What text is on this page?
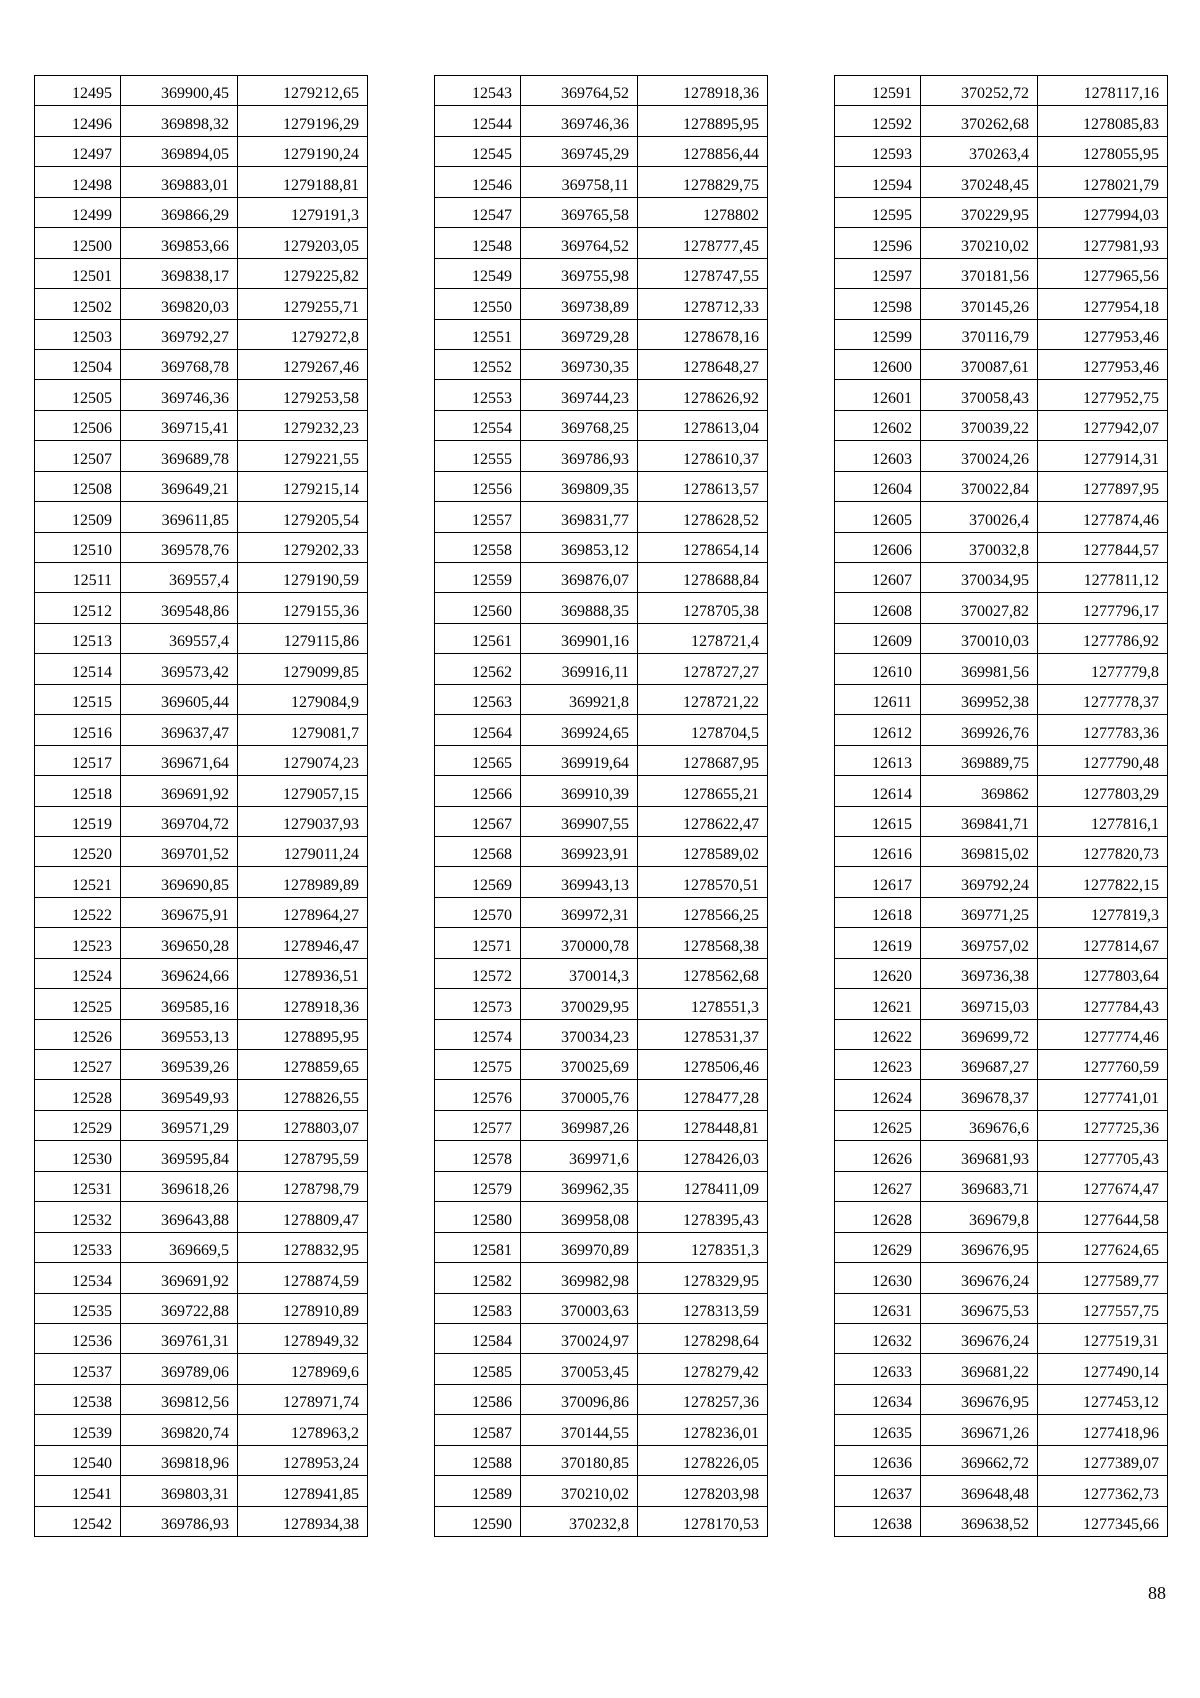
12495	369900,45	1279212,65
12496	369898,32	1279196,29
12497	369894,05	1279190,24
12498	369883,01	1279188,81
12499	369866,29	1279191,3
12500	369853,66	1279203,05
12501	369838,17	1279225,82
12502	369820,03	1279255,71
12503	369792,27	1279272,8
12504	369768,78	1279267,46
12505	369746,36	1279253,58
12506	369715,41	1279232,23
12507	369689,78	1279221,55
12508	369649,21	1279215,14
12509	369611,85	1279205,54
12510	369578,76	1279202,33
12511	369557,4	1279190,59
12512	369548,86	1279155,36
12513	369557,4	1279115,86
12514	369573,42	1279099,85
12515	369605,44	1279084,9
12516	369637,47	1279081,7
12517	369671,64	1279074,23
12518	369691,92	1279057,15
12519	369704,72	1279037,93
12520	369701,52	1279011,24
12521	369690,85	1278989,89
12522	369675,91	1278964,27
12523	369650,28	1278946,47
12524	369624,66	1278936,51
12525	369585,16	1278918,36
12526	369553,13	1278895,95
12527	369539,26	1278859,65
12528	369549,93	1278826,55
12529	369571,29	1278803,07
12530	369595,84	1278795,59
12531	369618,26	1278798,79
12532	369643,88	1278809,47
12533	369669,5	1278832,95
12534	369691,92	1278874,59
12535	369722,88	1278910,89
12536	369761,31	1278949,32
12537	369789,06	1278969,6
12538	369812,56	1278971,74
12539	369820,74	1278963,2
12540	369818,96	1278953,24
12541	369803,31	1278941,85
12542	369786,93	1278934,38
12543	369764,52	1278918,36
12544	369746,36	1278895,95
12545	369745,29	1278856,44
12546	369758,11	1278829,75
12547	369765,58	1278802
12548	369764,52	1278777,45
12549	369755,98	1278747,55
12550	369738,89	1278712,33
12551	369729,28	1278678,16
12552	369730,35	1278648,27
12553	369744,23	1278626,92
12554	369768,25	1278613,04
12555	369786,93	1278610,37
12556	369809,35	1278613,57
12557	369831,77	1278628,52
12558	369853,12	1278654,14
12559	369876,07	1278688,84
12560	369888,35	1278705,38
12561	369901,16	1278721,4
12562	369916,11	1278727,27
12563	369921,8	1278721,22
12564	369924,65	1278704,5
12565	369919,64	1278687,95
12566	369910,39	1278655,21
12567	369907,55	1278622,47
12568	369923,91	1278589,02
12569	369943,13	1278570,51
12570	369972,31	1278566,25
12571	370000,78	1278568,38
12572	370014,3	1278562,68
12573	370029,95	1278551,3
12574	370034,23	1278531,37
12575	370025,69	1278506,46
12576	370005,76	1278477,28
12577	369987,26	1278448,81
12578	369971,6	1278426,03
12579	369962,35	1278411,09
12580	369958,08	1278395,43
12581	369970,89	1278351,3
12582	369982,98	1278329,95
12583	370003,63	1278313,59
12584	370024,97	1278298,64
12585	370053,45	1278279,42
12586	370096,86	1278257,36
12587	370144,55	1278236,01
12588	370180,85	1278226,05
12589	370210,02	1278203,98
12590	370232,8	1278170,53
12591	370252,72	1278117,16
12592	370262,68	1278085,83
12593	370263,4	1278055,95
12594	370248,45	1278021,79
12595	370229,95	1277994,03
12596	370210,02	1277981,93
12597	370181,56	1277965,56
12598	370145,26	1277954,18
12599	370116,79	1277953,46
12600	370087,61	1277953,46
12601	370058,43	1277952,75
12602	370039,22	1277942,07
12603	370024,26	1277914,31
12604	370022,84	1277897,95
12605	370026,4	1277874,46
12606	370032,8	1277844,57
12607	370034,95	1277811,12
12608	370027,82	1277796,17
12609	370010,03	1277786,92
12610	369981,56	1277779,8
12611	369952,38	1277778,37
12612	369926,76	1277783,36
12613	369889,75	1277790,48
12614	369862	1277803,29
12615	369841,71	1277816,1
12616	369815,02	1277820,73
12617	369792,24	1277822,15
12618	369771,25	1277819,3
12619	369757,02	1277814,67
12620	369736,38	1277803,64
12621	369715,03	1277784,43
12622	369699,72	1277774,46
12623	369687,27	1277760,59
12624	369678,37	1277741,01
12625	369676,6	1277725,36
12626	369681,93	1277705,43
12627	369683,71	1277674,47
12628	369679,8	1277644,58
12629	369676,95	1277624,65
12630	369676,24	1277589,77
12631	369675,53	1277557,75
12632	369676,24	1277519,31
12633	369681,22	1277490,14
12634	369676,95	1277453,12
12635	369671,26	1277418,96
12636	369662,72	1277389,07
12637	369648,48	1277362,73
12638	369638,52	1277345,66
88
